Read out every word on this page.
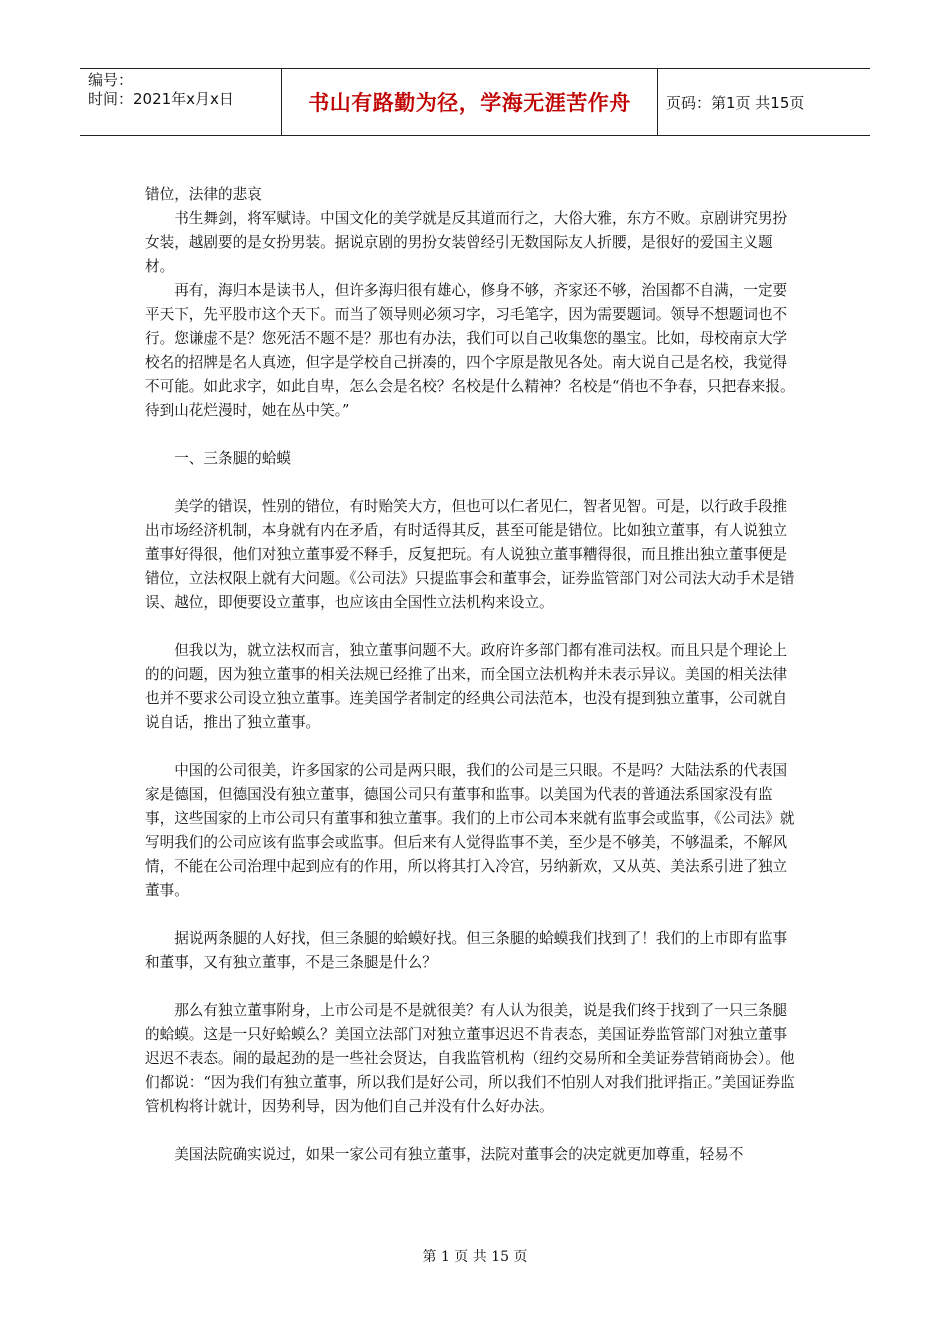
编号：
时间：2021年x月x日	书山有路勤为径，学海无涯苦作舟	页码：第1页 共15页

错位，法律的悲哀

书生舞剑，将军赋诗。中国文化的美学就是反其道而行之，大俗大雅，东方不败。京剧讲究男扮女装，越剧要的是女扮男装。据说京剧的男扮女装曾经引无数国际友人折腰，是很好的爱国主义题材。

再有，海归本是读书人，但许多海归很有雄心，修身不够，齐家还不够，治国都不自满，一定要平天下，先平股市这个天下。而当了领导则必须习字，习毛笔字，因为需要题词。领导不想题词也不行。您谦虚不是？您死活不题不是？那也有办法，我们可以自己收集您的墨宝。比如，母校南京大学校名的招牌是名人真迹，但字是学校自己拼凑的，四个字原是散见各处。南大说自己是名校，我觉得不可能。如此求字，如此自卑，怎么会是名校？名校是什么精神？名校是“俏也不争春，只把春来报。待到山花烂漫时，她在丛中笑。”

一、三条腿的蛤蟆

美学的错误，性别的错位，有时贻笑大方，但也可以仁者见仁，智者见智。可是，以行政手段推出市场经济机制，本身就有内在矛盾，有时适得其反，甚至可能是错位。比如独立董事，有人说独立董事好得很，他们对独立董事爱不释手，反复把玩。有人说独立董事糟得很，而且推出独立董事便是错位，立法权限上就有大问题。《公司法》只提监事会和董事会，证券监管部门对公司法大动手术是错误、越位，即便要设立董事，也应该由全国性立法机构来设立。

但我以为，就立法权而言，独立董事问题不大。政府许多部门都有准司法权。而且只是个理论上的的问题，因为独立董事的相关法规已经推了出来，而全国立法机构并未表示异议。美国的相关法律也并不要求公司设立独立董事。连美国学者制定的经典公司法范本，也没有提到独立董事，公司就自说自话，推出了独立董事。

中国的公司很美，许多国家的公司是两只眼，我们的公司是三只眼。不是吗？大陆法系的代表国家是德国，但德国没有独立董事，德国公司只有董事和监事。以美国为代表的普通法系国家没有监事，这些国家的上市公司只有董事和独立董事。我们的上市公司本来就有监事会或监事，《公司法》就写明我们的公司应该有监事会或监事。但后来有人觉得监事不美，至少是不够美，不够温柔，不解风情，不能在公司治理中起到应有的作用，所以将其打入冷宫，另纳新欢，又从英、美法系引进了独立董事。

据说两条腿的人好找，但三条腿的蛤蟆好找。但三条腿的蛤蟆我们找到了！我们的上市即有监事和董事，又有独立董事，不是三条腿是什么？

那么有独立董事附身，上市公司是不是就很美？有人认为很美，说是我们终于找到了一只三条腿的蛤蟆。这是一只好蛤蟆么？美国立法部门对独立董事迟迟不肯表态，美国证券监管部门对独立董事迟迟不表态。闹的最起劲的是一些社会贤达，自我监管机构（纽约交易所和全美证券营销商协会）。他们都说：“因为我们有独立董事，所以我们是好公司，所以我们不怕别人对我们批评指正。”美国证券监管机构将计就计，因势利导，因为他们自己并没有什么好办法。

美国法院确实说过，如果一家公司有独立董事，法院对董事会的决定就更加尊重，轻易不

第 1 页 共 15 页
